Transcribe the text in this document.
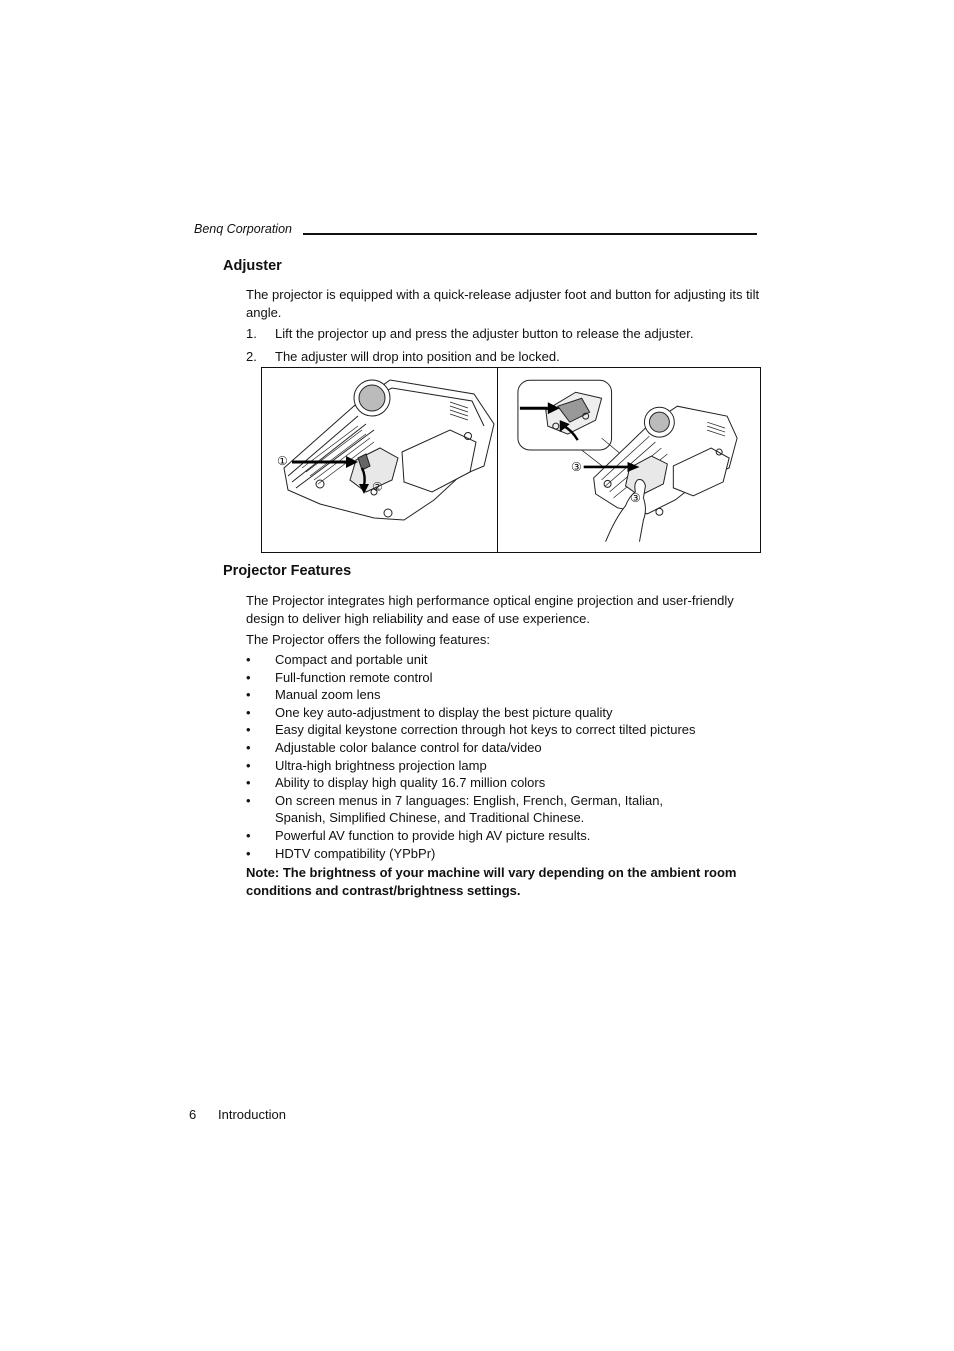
Benq Corporation
Adjuster

The projector is equipped with a quick-release adjuster foot and button for adjusting its tilt angle.

1. Lift the projector up and press the adjuster button to release the adjuster.
2. The adjuster will drop into position and be locked.
①
②
③
③
Projector Features

The Projector integrates high performance optical engine projection and user-friendly design to deliver high reliability and ease of use experience.

The Projector offers the following features:

• Compact and portable unit
• Full-function remote control
• Manual zoom lens
• One key auto-adjustment to display the best picture quality
• Easy digital keystone correction through hot keys to correct tilted pictures
• Adjustable color balance control for data/video
• Ultra-high brightness projection lamp
• Ability to display high quality 16.7 million colors
• On screen menus in 7 languages: English, French, German, Italian, Spanish, Simplified Chinese, and Traditional Chinese.
• Powerful AV function to provide high AV picture results.
• HDTV compatibility (YPbPr)
Note: The brightness of your machine will vary depending on the ambient room conditions and contrast/brightness settings.
6 Introduction
